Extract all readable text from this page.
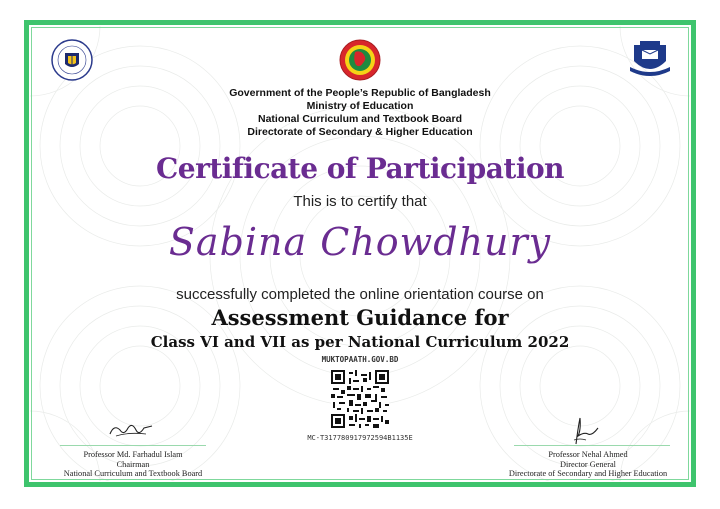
Government of the People’s Republic of Bangladesh
Ministry of Education
National Curriculum and Textbook Board
Directorate of Secondary & Higher Education
Certificate of Participation
This is to certify that
Sabina Chowdhury
successfully completed the online orientation course on
Assessment Guidance for
Class VI and VII as per National Curriculum 2022
MUKTOPAATH.GOV.BD
MC-T317780917972594B1135E
Professor Md. Farhadul Islam
Chairman
National Curriculum and Textbook Board
Professor Nehal Ahmed
Director General
Directorate of Secondary and Higher Education
